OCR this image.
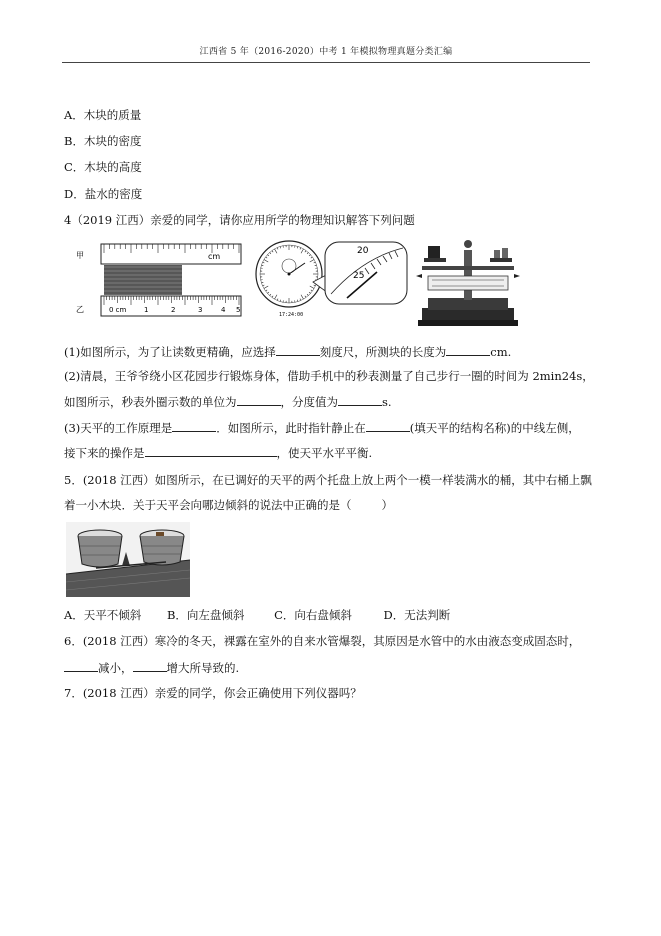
江西省 5 年（2016-2020）中考 1 年模拟物理真题分类汇编
A．木块的质量
B．木块的密度
C．木块的高度
D．盐水的密度
4（2019 江西）亲爱的同学，请你应用所学的物理知识解答下列问题
甲
乙
cm
0 cm	1	2	3	4 5
17:24:00
20
25
(1)如图所示，为了让读数更精确，应选择	刻度尺，所测块的长度为	cm.
(2)清晨，王爷爷绕小区花园步行锻炼身体，借助手机中的秒表测量了自己步行一圈的时间为 2min24s，
如图所示，秒表外圈示数的单位为	，分度值为	s.
(3)天平的工作原理是	．如图所示，此时指针静止在	(填天平的结构名称)的中线左侧，
接下来的操作是	，使天平水平平衡.
5．(2018 江西）如图所示，在已调好的天平的两个托盘上放上两个一模一样装满水的桶，其中右桶上飘
着一小木块．关于天平会向哪边倾斜的说法中正确的是（	）
A．天平不倾斜 B．向左盘倾斜	C．向右盘倾斜	D．无法判断
6．(2018 江西）寒冷的冬天，裸露在室外的自来水管爆裂，其原因是水管中的水由液态变成固态时，
减小，	增大所导致的.
7．(2018 江西）亲爱的同学，你会正确使用下列仪器吗？
